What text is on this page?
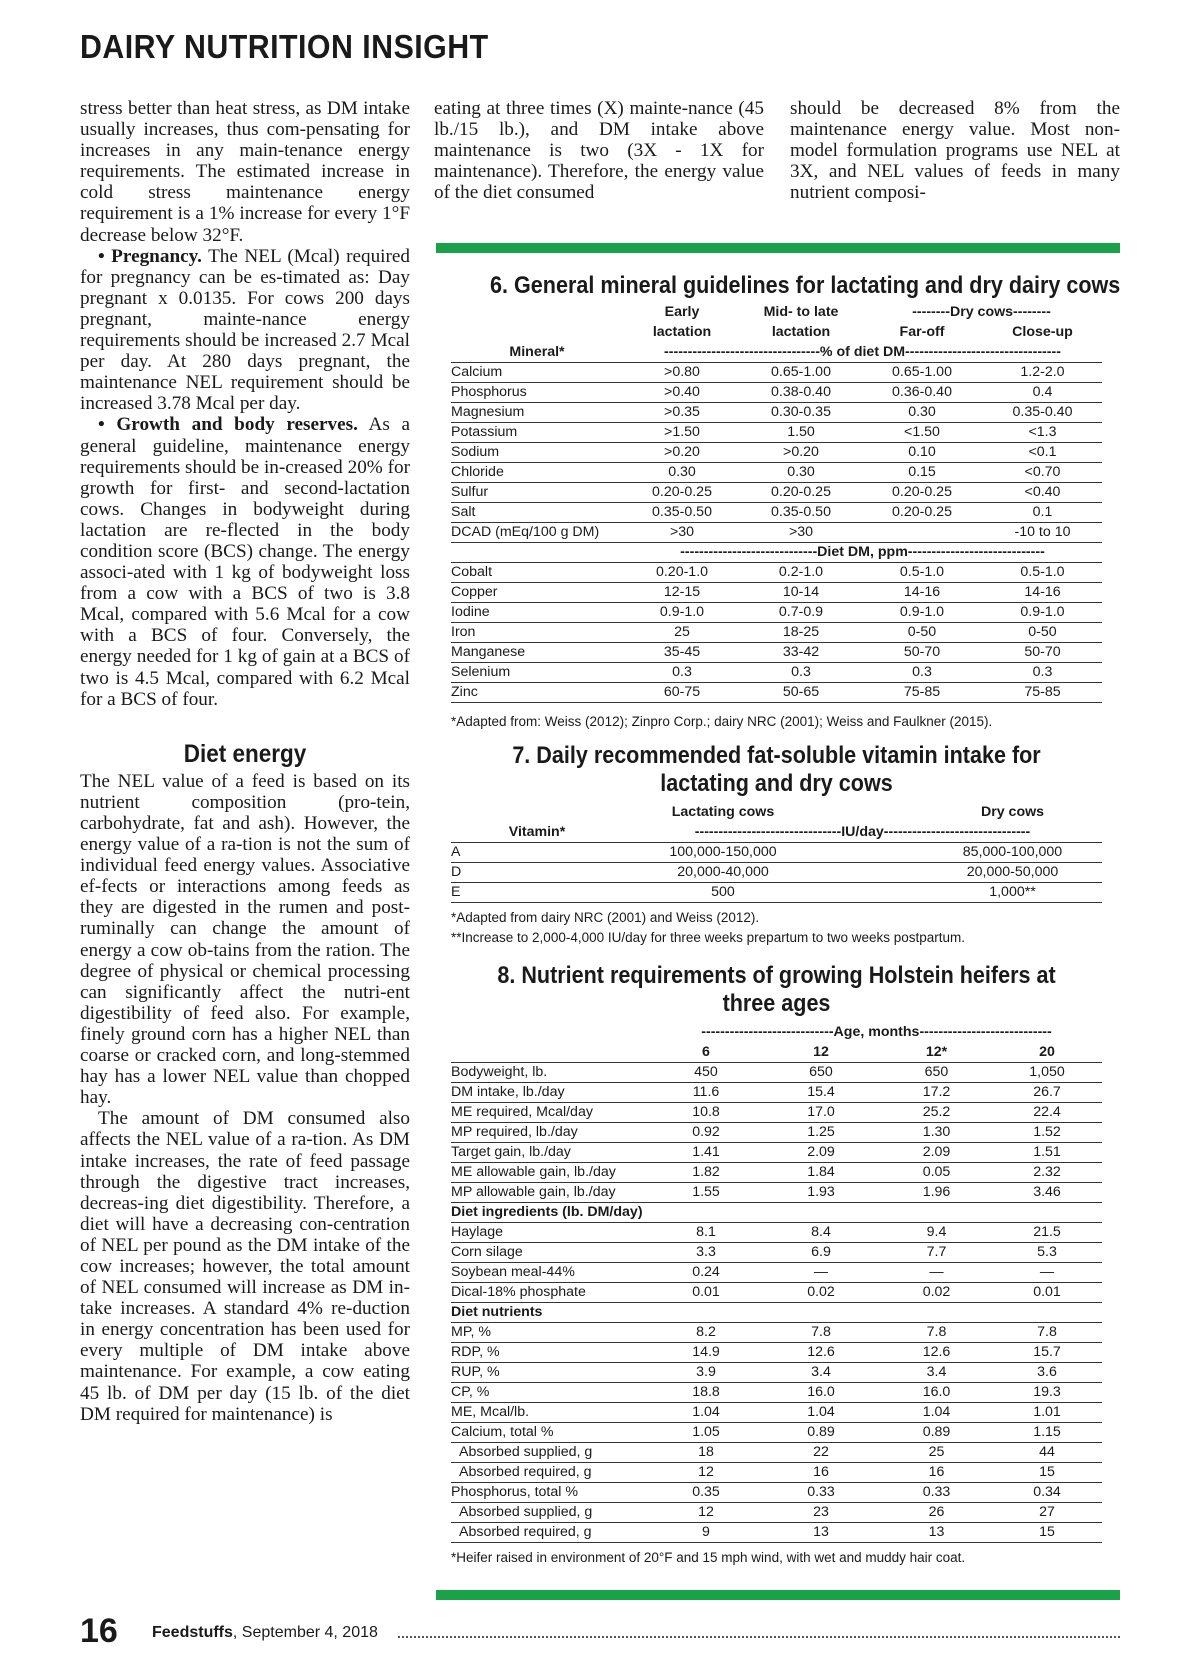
DAIRY NUTRITION INSIGHT

stress better than heat stress, as DM intake usually increases, thus com-pensating for increases in any main-tenance energy requirements. The estimated increase in cold stress maintenance energy requirement is a 1% increase for every 1°F decrease below 32°F.

• Pregnancy. The NEL (Mcal) required for pregnancy can be es-timated as: Day pregnant x 0.0135. For cows 200 days pregnant, mainte-nance energy requirements should be increased 2.7 Mcal per day. At 280 days pregnant, the maintenance NEL requirement should be increased 3.78 Mcal per day.

• Growth and body reserves. As a general guideline, maintenance energy requirements should be in-creased 20% for growth for first- and second-lactation cows. Changes in bodyweight during lactation are re-flected in the body condition score (BCS) change. The energy associ-ated with 1 kg of bodyweight loss from a cow with a BCS of two is 3.8 Mcal, compared with 5.6 Mcal for a cow with a BCS of four. Conversely, the energy needed for 1 kg of gain at a BCS of two is 4.5 Mcal, compared with 6.2 Mcal for a BCS of four.

Diet energy

The NEL value of a feed is based on its nutrient composition (pro-tein, carbohydrate, fat and ash). However, the energy value of a ra-tion is not the sum of individual feed energy values. Associative ef-fects or interactions among feeds as they are digested in the rumen and post-ruminally can change the amount of energy a cow ob-tains from the ration. The degree of physical or chemical processing can significantly affect the nutri-ent digestibility of feed also. For example, finely ground corn has a higher NEL than coarse or cracked corn, and long-stemmed hay has a lower NEL value than chopped hay.

The amount of DM consumed also affects the NEL value of a ra-tion. As DM intake increases, the rate of feed passage through the digestive tract increases, decreas-ing diet digestibility. Therefore, a diet will have a decreasing con-centration of NEL per pound as the DM intake of the cow increases; however, the total amount of NEL consumed will increase as DM in-take increases. A standard 4% re-duction in energy concentration has been used for every multiple of DM intake above maintenance. For example, a cow eating 45 lb. of DM per day (15 lb. of the diet DM required for maintenance) is

eating at three times (X) mainte-nance (45 lb./15 lb.), and DM intake above maintenance is two (3X - 1X for maintenance). Therefore, the energy value of the diet consumed

should be decreased 8% from the maintenance energy value. Most non-model formulation programs use NEL at 3X, and NEL values of feeds in many nutrient composi-

6. General mineral guidelines for lactating and dry dairy cows
	Early	Mid- to late	--------Dry cows--------	
	lactation	lactation	Far-off	Close-up
Mineral*	---------------------------------% of diet DM---------------------------------			
Calcium	>0.80	0.65-1.00	0.65-1.00	1.2-2.0
Phosphorus	>0.40	0.38-0.40	0.36-0.40	0.4
Magnesium	>0.35	0.30-0.35	0.30	0.35-0.40
Potassium	>1.50	1.50	<1.50	<1.3
Sodium	>0.20	>0.20	0.10	<0.1
Chloride	0.30	0.30	0.15	<0.70
Sulfur	0.20-0.25	0.20-0.25	0.20-0.25	<0.40
Salt	0.35-0.50	0.35-0.50	0.20-0.25	0.1
DCAD (mEq/100 g DM)	>30	>30		-10 to 10
	-----------------------------Diet DM, ppm-----------------------------			
Cobalt	0.20-1.0	0.2-1.0	0.5-1.0	0.5-1.0
Copper	12-15	10-14	14-16	14-16
Iodine	0.9-1.0	0.7-0.9	0.9-1.0	0.9-1.0
Iron	25	18-25	0-50	0-50
Manganese	35-45	33-42	50-70	50-70
Selenium	0.3	0.3	0.3	0.3
Zinc	60-75	50-65	75-85	75-85
*Adapted from: Weiss (2012); Zinpro Corp.; dairy NRC (2001); Weiss and Faulkner (2015).
7. Daily recommended fat-soluble vitamin intake for lactating and dry cows
	Lactating cows		Dry cows
Vitamin*	-------------------------------IU/day-------------------------------		
A	100,000-150,000		85,000-100,000
D	20,000-40,000		20,000-50,000
E	500		1,000**
*Adapted from dairy NRC (2001) and Weiss (2012).
**Increase to 2,000-4,000 IU/day for three weeks prepartum to two weeks postpartum.
8. Nutrient requirements of growing Holstein heifers at three ages
	----------------------------Age, months----------------------------			
	6	12	12*	20
Bodyweight, lb.	450	650	650	1,050
DM intake, lb./day	11.6	15.4	17.2	26.7
ME required, Mcal/day	10.8	17.0	25.2	22.4
MP required, lb./day	0.92	1.25	1.30	1.52
Target gain, lb./day	1.41	2.09	2.09	1.51
ME allowable gain, lb./day	1.82	1.84	0.05	2.32
MP allowable gain, lb./day	1.55	1.93	1.96	3.46
Diet ingredients (lb. DM/day)				
Haylage	8.1	8.4	9.4	21.5
Corn silage	3.3	6.9	7.7	5.3
Soybean meal-44%	0.24	—	—	—
Dical-18% phosphate	0.01	0.02	0.02	0.01
Diet nutrients				
MP, %	8.2	7.8	7.8	7.8
RDP, %	14.9	12.6	12.6	15.7
RUP, %	3.9	3.4	3.4	3.6
CP, %	18.8	16.0	16.0	19.3
ME, Mcal/lb.	1.04	1.04	1.04	1.01
Calcium, total %	1.05	0.89	0.89	1.15
Absorbed supplied, g	18	22	25	44
Absorbed required, g	12	16	16	15
Phosphorus, total %	0.35	0.33	0.33	0.34
Absorbed supplied, g	12	23	26	27
Absorbed required, g	9	13	13	15
*Heifer raised in environment of 20°F and 15 mph wind, with wet and muddy hair coat.
16 Feedstuffs, September 4, 2018
